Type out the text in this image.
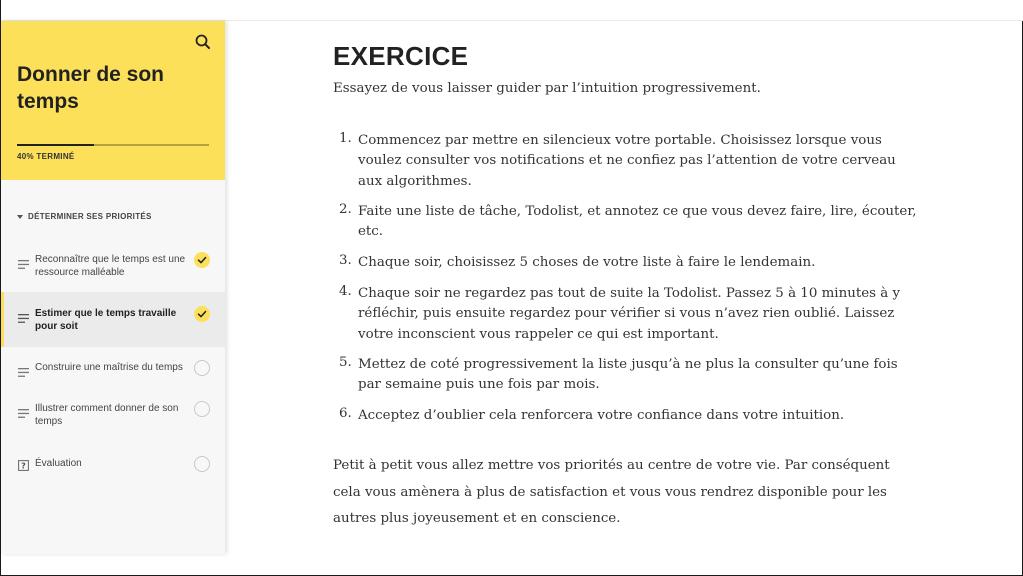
Donner de son temps
40% TERMINÉ
DÉTERMINER SES PRIORITÉS
Reconnaître que le temps est une ressource malléable
Estimer que le temps travaille pour soit
Construire une maîtrise du temps
Illustrer comment donner de son temps
? Évaluation
EXERCICE

Essayez de vous laisser guider par l’intuition progressivement.

1. Commencez par mettre en silencieux votre portable. Choisissez lorsque vous voulez consulter vos notifications et ne confiez pas l’attention de votre cerveau aux algorithmes.
2. Faite une liste de tâche, Todolist, et annotez ce que vous devez faire, lire, écouter, etc.
3. Chaque soir, choisissez 5 choses de votre liste à faire le lendemain.
4. Chaque soir ne regardez pas tout de suite la Todolist. Passez 5 à 10 minutes à y réfléchir, puis ensuite regardez pour vérifier si vous n’avez rien oublié. Laissez votre inconscient vous rappeler ce qui est important.
5. Mettez de coté progressivement la liste jusqu’à ne plus la consulter qu’une fois par semaine puis une fois par mois.
6. Acceptez d’oublier cela renforcera votre confiance dans votre intuition.

Petit à petit vous allez mettre vos priorités au centre de votre vie. Par conséquent cela vous amènera à plus de satisfaction et vous vous rendrez disponible pour les autres plus joyeusement et en conscience.
